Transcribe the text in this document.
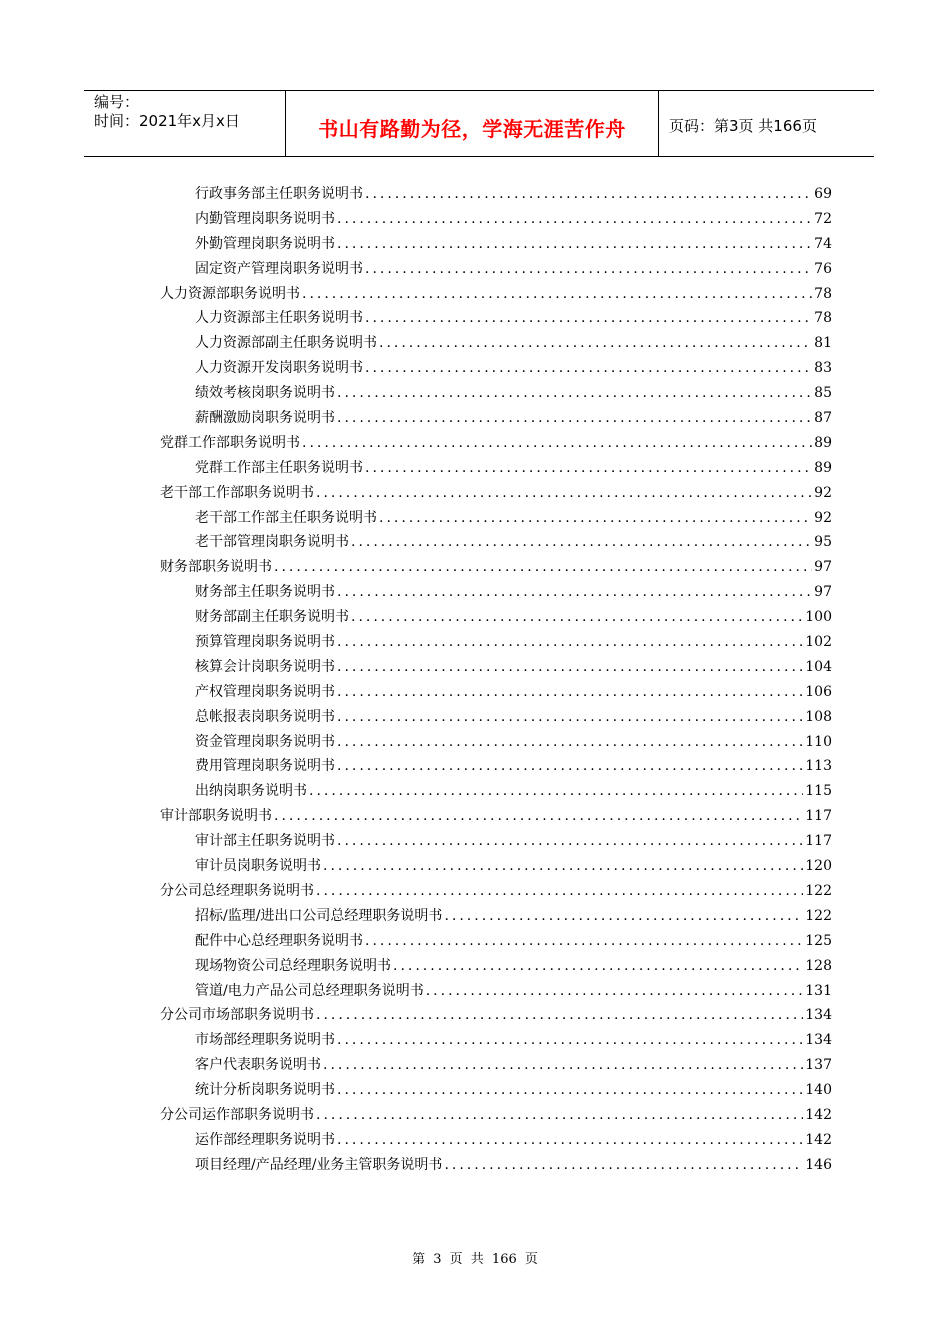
编号：
时间：2021年x月x日	书山有路勤为径，学海无涯苦作舟	页码：第3页 共166页
行政事务部主任职务说明书 .....	69
内勤管理岗职务说明书 .....	72
外勤管理岗职务说明书 .....	74
固定资产管理岗职务说明书 .....	76
人力资源部职务说明书 .....	78
人力资源部主任职务说明书 .....	78
人力资源部副主任职务说明书 .....	81
人力资源开发岗职务说明书 .....	83
绩效考核岗职务说明书 .....	85
薪酬激励岗职务说明书 .....	87
党群工作部职务说明书 .....	89
党群工作部主任职务说明书 .....	89
老干部工作部职务说明书 .....	92
老干部工作部主任职务说明书 .....	92
老干部管理岗职务说明书 .....	95
财务部职务说明书 .....	97
财务部主任职务说明书 .....	97
财务部副主任职务说明书 .....	100
预算管理岗职务说明书 .....	102
核算会计岗职务说明书 .....	104
产权管理岗职务说明书 .....	106
总帐报表岗职务说明书 .....	108
资金管理岗职务说明书 .....	110
费用管理岗职务说明书 .....	113
出纳岗职务说明书 .....	115
审计部职务说明书 .....	117
审计部主任职务说明书 .....	117
审计员岗职务说明书 .....	120
分公司总经理职务说明书 .....	122
招标/监理/进出口公司总经理职务说明书 .....	122
配件中心总经理职务说明书 .....	125
现场物资公司总经理职务说明书 .....	128
管道/电力产品公司总经理职务说明书 .....	131
分公司市场部职务说明书 .....	134
市场部经理职务说明书 .....	134
客户代表职务说明书 .....	137
统计分析岗职务说明书 .....	140
分公司运作部职务说明书 .....	142
运作部经理职务说明书 .....	142
项目经理/产品经理/业务主管职务说明书 .....	146
第 3 页 共 166 页
